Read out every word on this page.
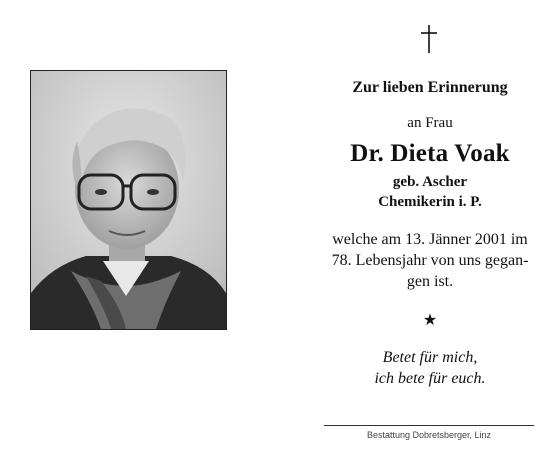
Zur lieben Erinnerung
an Frau
Dr. Dieta Voak
geb. Ascher
Chemikerin i. P.
welche am 13. Jänner 2001 im
78. Lebensjahr von uns gegan-
gen ist.
★
Betet für mich,
ich bete für euch.
Bestattung Dobretsberger, Linz
